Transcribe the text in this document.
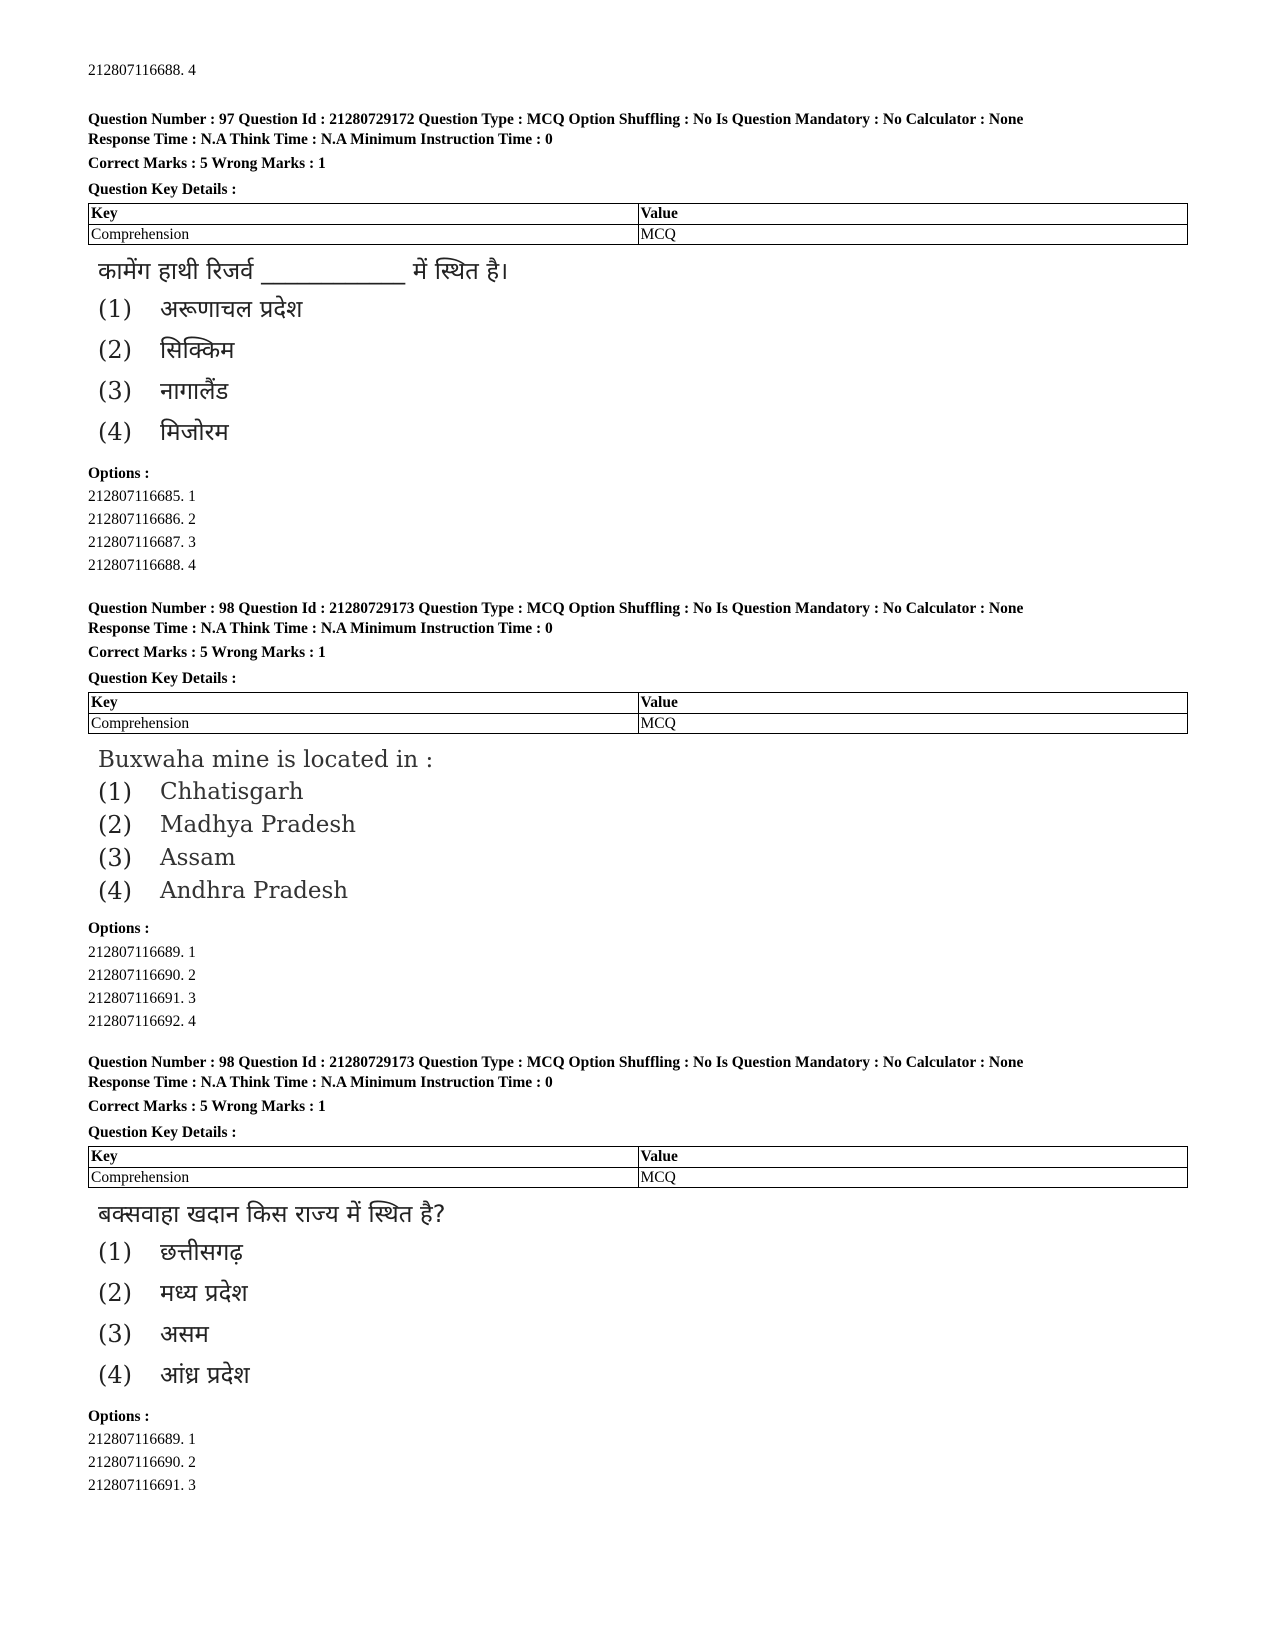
212807116688. 4
Question Number : 97 Question Id : 21280729172 Question Type : MCQ Option Shuffling : No Is Question Mandatory : No Calculator : None
Response Time : N.A Think Time : N.A Minimum Instruction Time : 0
Correct Marks : 5 Wrong Marks : 1
Question Key Details :
Key	Value
Comprehension	MCQ
कामेंग हाथी रिजर्व ____________ में स्थित है।
(1)	अरूणाचल प्रदेश
(2)	सिक्किम
(3)	नागालैंड
(4)	मिजोरम
Options :
212807116685. 1
212807116686. 2
212807116687. 3
212807116688. 4
Question Number : 98 Question Id : 21280729173 Question Type : MCQ Option Shuffling : No Is Question Mandatory : No Calculator : None
Response Time : N.A Think Time : N.A Minimum Instruction Time : 0
Correct Marks : 5 Wrong Marks : 1
Question Key Details :
Key	Value
Comprehension	MCQ
Buxwaha mine is located in :
(1)	Chhatisgarh
(2)	Madhya Pradesh
(3)	Assam
(4)	Andhra Pradesh
Options :
212807116689. 1
212807116690. 2
212807116691. 3
212807116692. 4
Question Number : 98 Question Id : 21280729173 Question Type : MCQ Option Shuffling : No Is Question Mandatory : No Calculator : None
Response Time : N.A Think Time : N.A Minimum Instruction Time : 0
Correct Marks : 5 Wrong Marks : 1
Question Key Details :
Key	Value
Comprehension	MCQ
बक्सवाहा खदान किस राज्य में स्थित है?
(1)	छत्तीसगढ़
(2)	मध्य प्रदेश
(3)	असम
(4)	आंध्र प्रदेश
Options :
212807116689. 1
212807116690. 2
212807116691. 3
